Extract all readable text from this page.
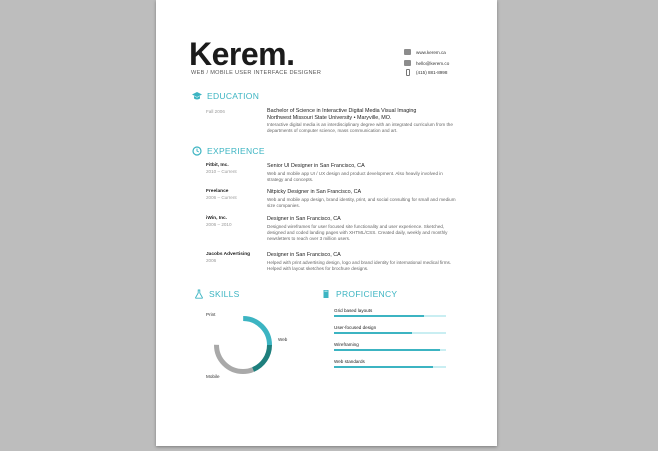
Kerem.
WEB / MOBILE USER INTERFACE DESIGNER
www.kerem.ca
hello@kerem.co
(415) 881-8998
EDUCATION
Fall 2006	Bachelor of Science in Interactive Digital Media Visual Imaging
Northwest Missouri State University • Maryville, MO.
Interactive digital media is an interdisciplinary degree with an integrated curriculum from the departments of computer science, mass communication and art.
EXPERIENCE
Fitbit, Inc.
2010 – Current
Senior UI Designer in San Francisco, CA
Web and mobile app UI / UX design and product development. Also heavily involved in strategy and concepts.
Freelance
2006 – Current
Nitpicky Designer in San Francisco, CA
Web and mobile app design, brand identity, print, and social consulting for small and medium size companies.
iWin, Inc.
2006 – 2010
Designer in San Francisco, CA
Designed wireframes for user focused site functionality and user experience. Sketched, designed and coded landing pages with XHTML/CSS. Created daily, weekly and monthly newsletters to reach over 3 million users.
Jacobs Advertising
2006
Designer in San Francisco, CA
Helped with print advertising design, logo and brand identity for international medical firms. Helped with layout sketches for brochure designs.
SKILLS
Print
Web
Mobile
PROFICIENCY
Grid based layouts
User-focused design
Wireframing
Web standards
